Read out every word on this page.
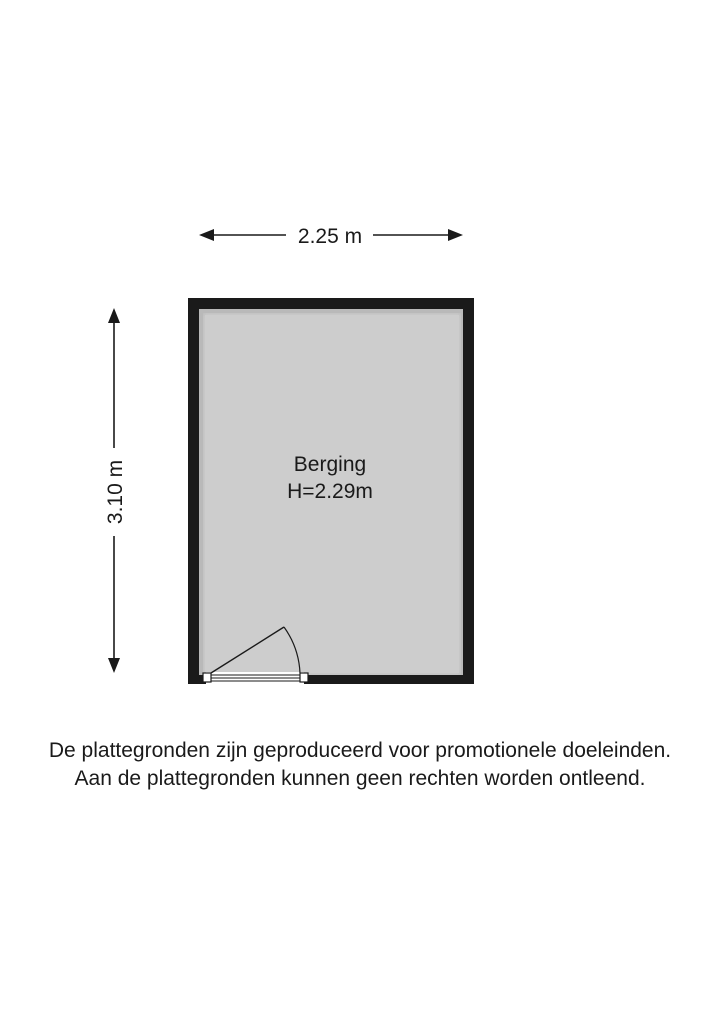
2.25 m
3.10 m	Berging
H=2.29m
De plattegronden zijn geproduceerd voor promotionele doeleinden.
Aan de plattegronden kunnen geen rechten worden ontleend.
